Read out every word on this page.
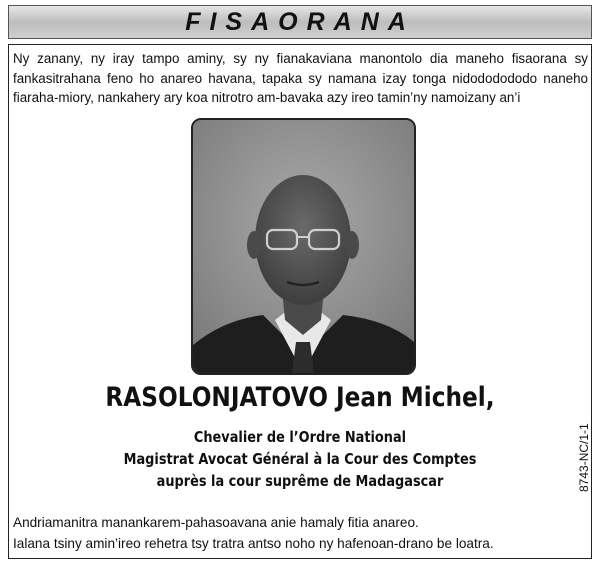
FISAORANA
Ny zanany, ny iray tampo aminy, sy ny fianakaviana manontolo dia maneho fisaorana sy fankasitrahana feno ho anareo havana, tapaka sy namana izay tonga nidododododo naneho fiaraha-miory, nankahery ary koa nitrotro am-bavaka azy ireo tamin’ny namoizany an’i
RASOLONJATOVO Jean Michel,
Chevalier de l’Ordre National
Magistrat Avocat Général à la Cour des Comptes
auprès la cour suprême de Madagascar
Andriamanitra manankarem-pahasoavana anie hamaly fitia anareo.
Ialana tsiny amin’ireo rehetra tsy tratra antso noho ny hafenoan-drano be loatra.
8743-NC/1-1
